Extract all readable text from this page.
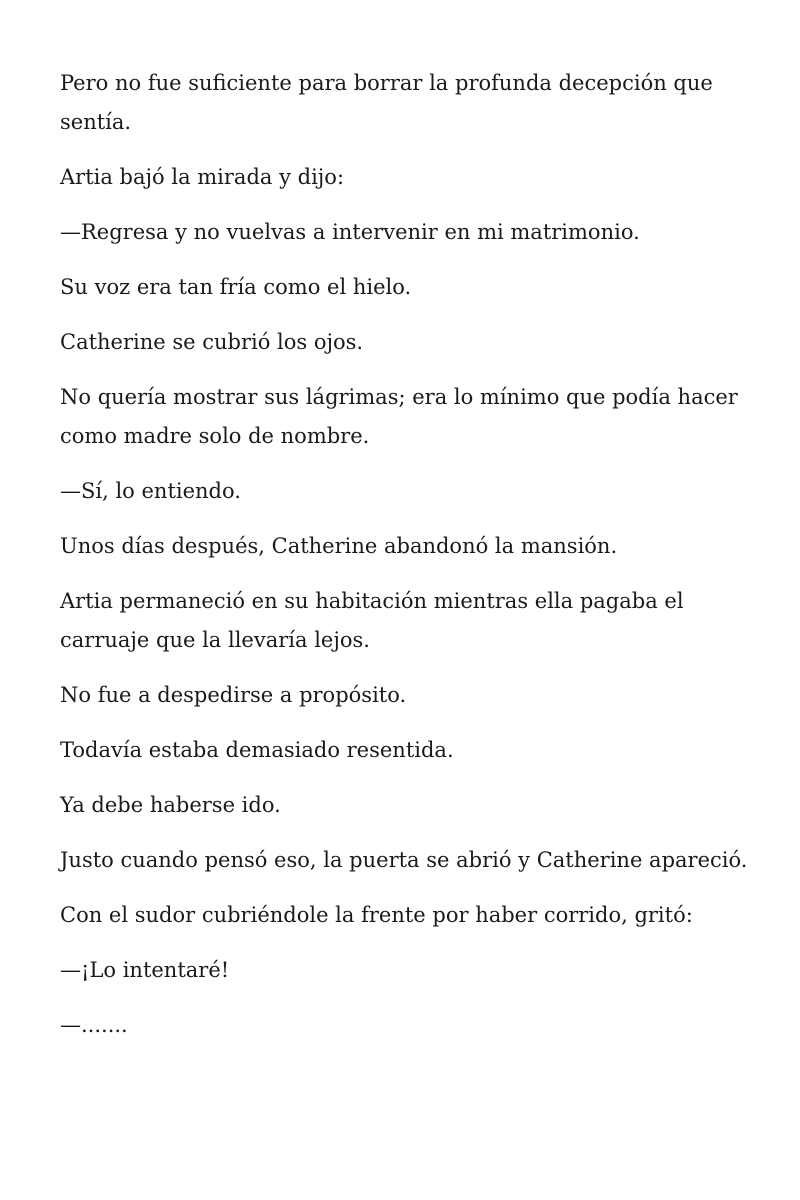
Pero no fue suficiente para borrar la profunda decepción que sentía.

Artia bajó la mirada y dijo:

—Regresa y no vuelvas a intervenir en mi matrimonio.

Su voz era tan fría como el hielo.

Catherine se cubrió los ojos.

No quería mostrar sus lágrimas; era lo mínimo que podía hacer como madre solo de nombre.

—Sí, lo entiendo.

Unos días después, Catherine abandonó la mansión.

Artia permaneció en su habitación mientras ella pagaba el carruaje que la llevaría lejos.

No fue a despedirse a propósito.

Todavía estaba demasiado resentida.

Ya debe haberse ido.

Justo cuando pensó eso, la puerta se abrió y Catherine apareció.

Con el sudor cubriéndole la frente por haber corrido, gritó:

—¡Lo intentaré!

—.......
